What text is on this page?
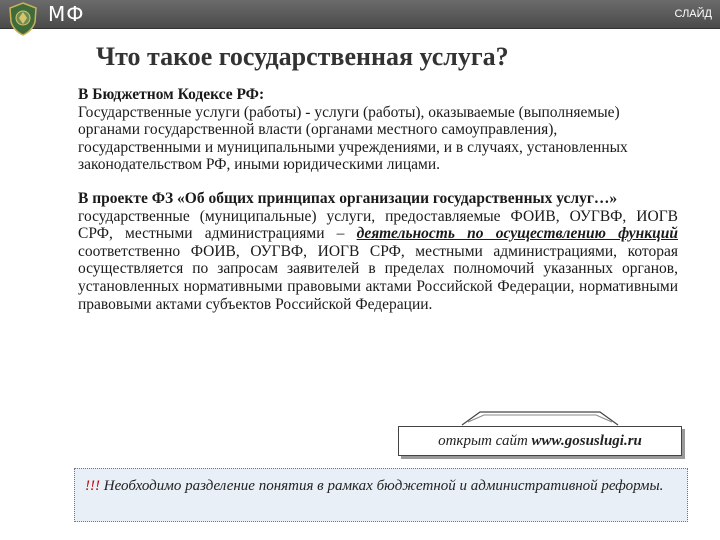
МФ	СЛАЙД
Что такое государственная услуга?

В Бюджетном Кодексе РФ:
Государственные услуги (работы) - услуги (работы), оказываемые (выполняемые) органами государственной власти (органами местного самоуправления), государственными и муниципальными учреждениями, и в случаях, установленных законодательством РФ, иными юридическими лицами.

В проекте ФЗ «Об общих принципах организации государственных услуг…»
государственные (муниципальные) услуги, предоставляемые ФОИВ, ОУГВФ, ИОГВ СРФ, местными администрациями – деятельность по осуществлению функций соответственно ФОИВ, ОУГВФ, ИОГВ СРФ, местными администрациями, которая осуществляется по запросам заявителей в пределах полномочий указанных органов, установленных нормативными правовыми актами Российской Федерации, нормативными правовыми актами субъектов Российской Федерации.

открыт сайт www.gosuslugi.ru
!!! Необходимо разделение понятия в рамках бюджетной и административной реформы.
